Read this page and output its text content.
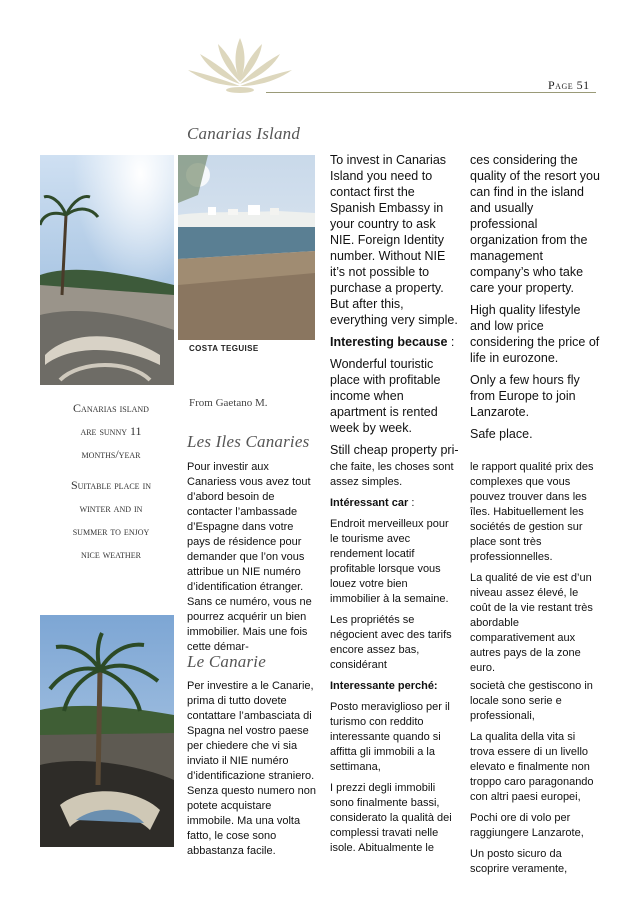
Page 51
Canarias Island
Canarias island
are sunny 11
months/year
Suitable place in
winter and in
summer to enjoy
nice weather
COSTA TEGUISE
From Gaetano M.

To invest in Canarias Island you need to contact first the Spanish Embassy in your country to ask NIE. Foreign Identity number. Without NIE it’s not possible to purchase a property. But after this, everything very simple.

Interesting because :

Wonderful touristic place with profitable income when apartment is rented week by week.

Still cheap property pri-

ces considering the quality of the resort you can find in the island and usually professional organization from the management company’s who take care your property.

High quality lifestyle and low price considering the price of life in eurozone.

Only a few hours fly from Europe to join Lanzarote.

Safe place.

Les Iles Canaries

Pour investir aux Canariess vous avez tout d’abord besoin de contacter l’ambassade d’Espagne dans votre pays de résidence pour demander que l’on vous attribue un NIE numéro d’identification étranger. Sans ce numéro, vous ne pourrez acquérir un bien immobilier. Mais une fois cette démar-

che faite, les choses sont assez simples.

Intéressant car :

Endroit merveilleux pour le tourisme avec rendement locatif profitable lorsque vous louez votre bien immobilier à la semaine.

Les propriétés se négocient avec des tarifs encore assez bas, considérant

le rapport qualité prix des complexes que vous pouvez trouver dans les îles. Habituellement les sociétés de gestion sur place sont très professionnelles.

La qualité de vie est d’un niveau assez élevé, le coût de la vie restant très abordable comparativement aux autres pays de la zone euro.

Le Canarie

Per investire a le Canarie, prima di tutto dovete contattare l’ambasciata di Spagna nel vostro paese per chiedere che vi sia inviato il NIE numéro d’identificazione straniero. Senza questo numero non potete acquistare immobile. Ma una volta fatto, le cose sono abbastanza facile.

Interessante perché:

Posto meraviglioso per il turismo con reddito interessante quando si affitta gli immobili a la settimana,

I prezzi degli immobili sono finalmente bassi, considerato la qualità dei complessi travati nelle isole. Abitualmente le

società che gestiscono in locale sono serie e professionali,

La qualita della vita si trova essere di un livello elevato e finalmente non troppo caro paragonando con altri paesi europei,

Pochi ore di volo per raggiungere Lanzarote,

Un posto sicuro da scoprire veramente,
